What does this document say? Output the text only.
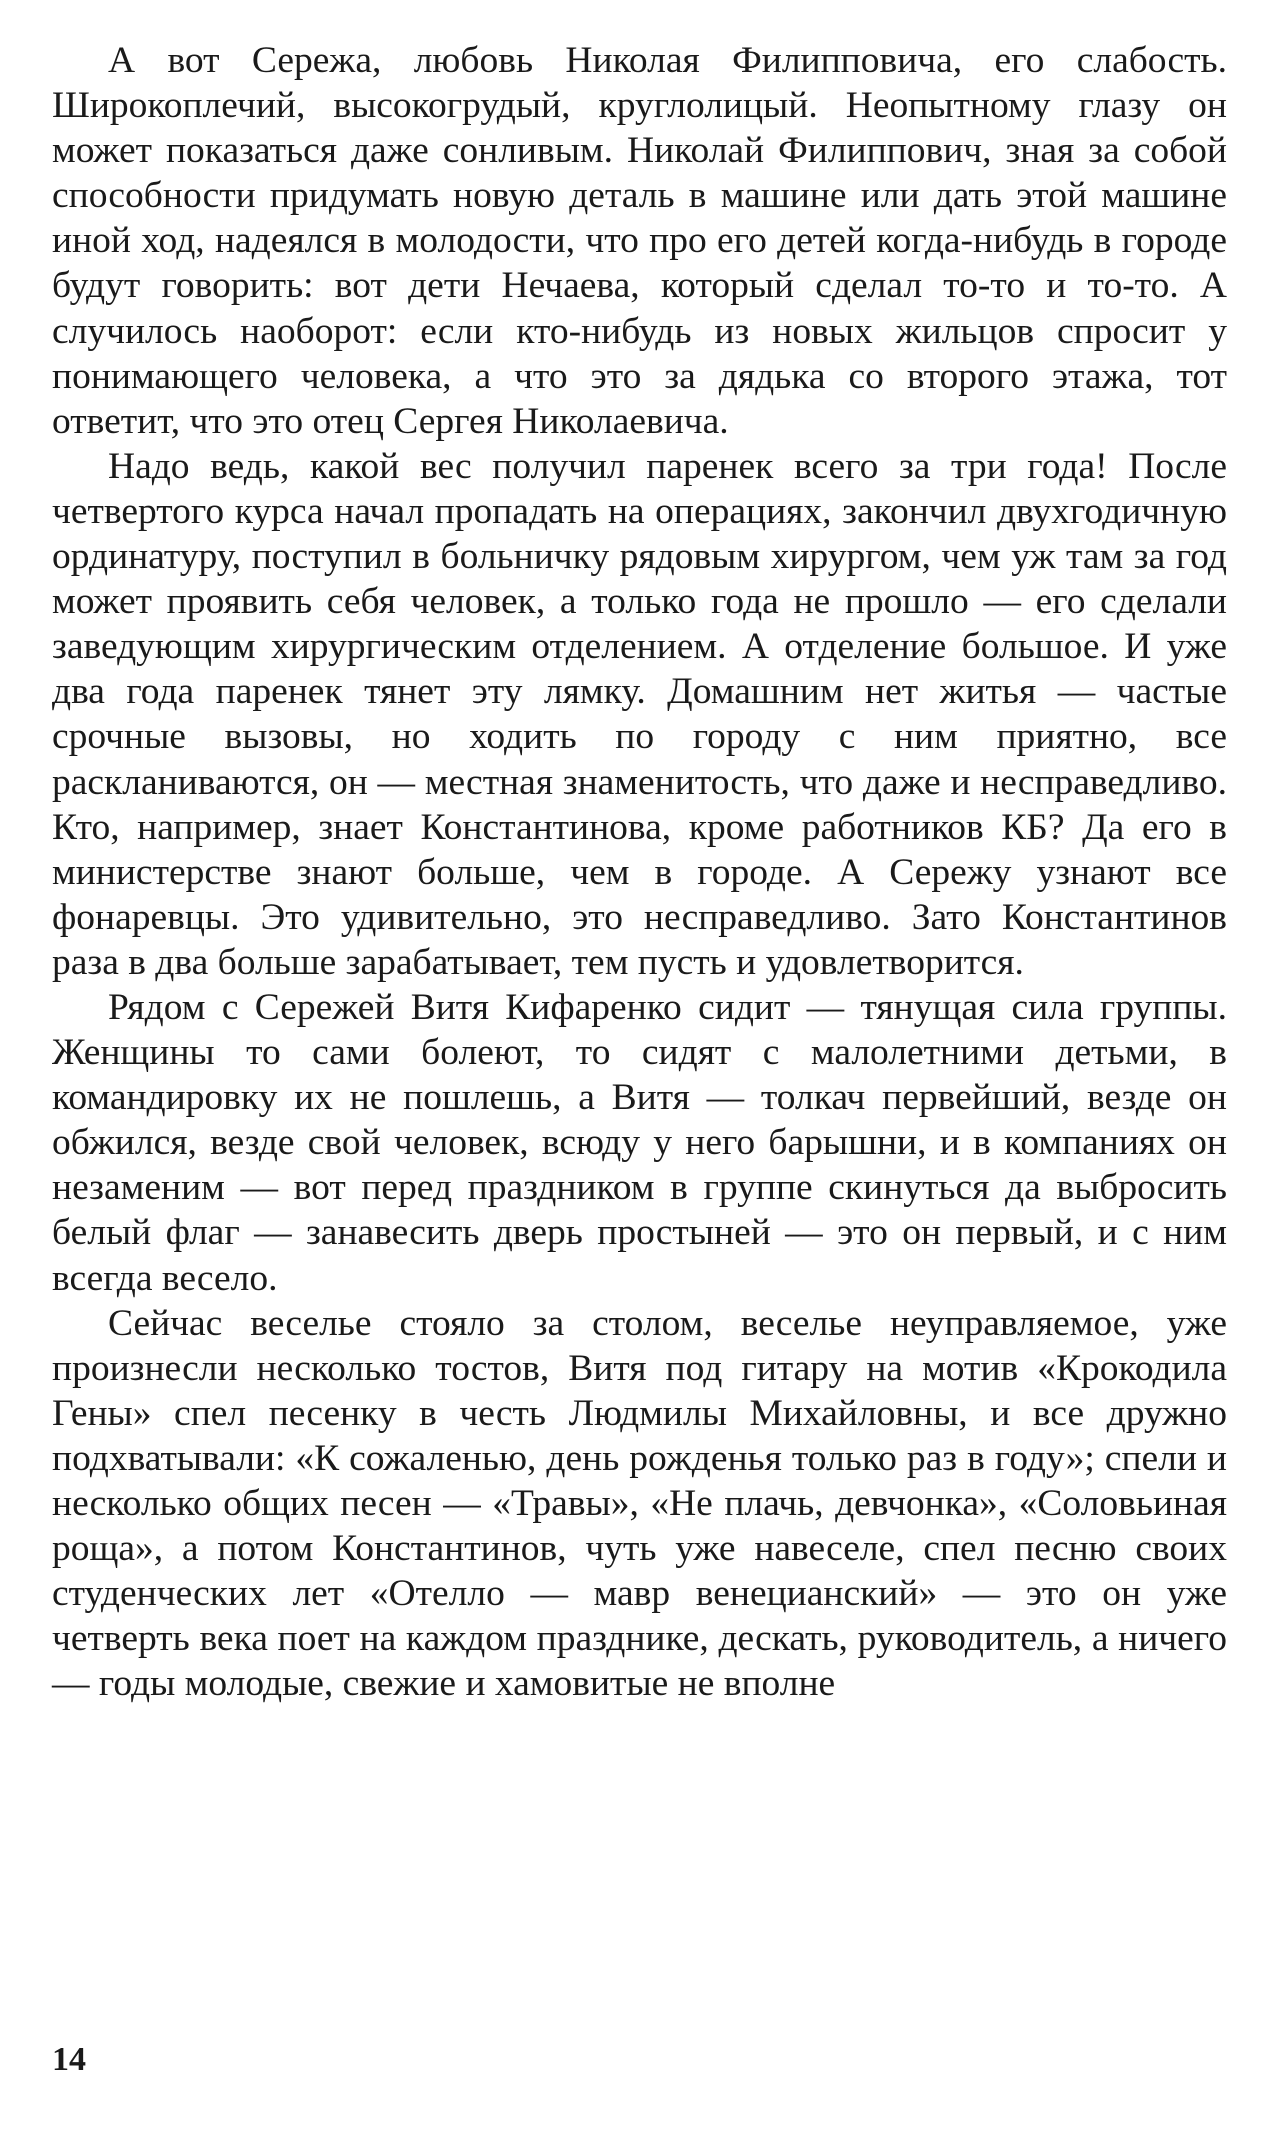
А вот Сережа, любовь Николая Филипповича, его слабость. Широкоплечий, высокогрудый, круглолицый. Неопытному глазу он может показаться даже сонливым. Николай Филиппович, зная за собой способности придумать новую деталь в машине или дать этой машине иной ход, надеялся в молодости, что про его детей когда-нибудь в городе будут говорить: вот дети Нечаева, который сделал то-то и то-то. А случилось наоборот: если кто-нибудь из новых жильцов спросит у понимающего человека, а что это за дядька со второго этажа, тот ответит, что это отец Сергея Николаевича.

Надо ведь, какой вес получил паренек всего за три года! После четвертого курса начал пропадать на операциях, закончил двухгодичную ординатуру, поступил в больничку рядовым хирургом, чем уж там за год может проявить себя человек, а только года не прошло — его сделали заведующим хирургическим отделением. А отделение большое. И уже два года паренек тянет эту лямку. Домашним нет житья — частые срочные вызовы, но ходить по городу с ним приятно, все раскланиваются, он — местная знаменитость, что даже и несправедливо. Кто, например, знает Константинова, кроме работников КБ? Да его в министерстве знают больше, чем в городе. А Сережу узнают все фонаревцы. Это удивительно, это несправедливо. Зато Константинов раза в два больше зарабатывает, тем пусть и удовлетворится.

Рядом с Сережей Витя Кифаренко сидит — тянущая сила группы. Женщины то сами болеют, то сидят с малолетними детьми, в командировку их не пошлешь, а Витя — толкач первейший, везде он обжился, везде свой человек, всюду у него барышни, и в компаниях он незаменим — вот перед праздником в группе скинуться да выбросить белый флаг — занавесить дверь простыней — это он первый, и с ним всегда весело.

Сейчас веселье стояло за столом, веселье неуправляемое, уже произнесли несколько тостов, Витя под гитару на мотив «Крокодила Гены» спел песенку в честь Людмилы Михайловны, и все дружно подхватывали: «К сожаленью, день рожденья только раз в году»; спели и несколько общих песен — «Травы», «Не плачь, девчонка», «Соловьиная роща», а потом Константинов, чуть уже навеселе, спел песню своих студенческих лет «Отелло — мавр венецианский» — это он уже четверть века поет на каждом празднике, дескать, руководитель, а ничего — годы молодые, свежие и хамовитые не вполне

14
